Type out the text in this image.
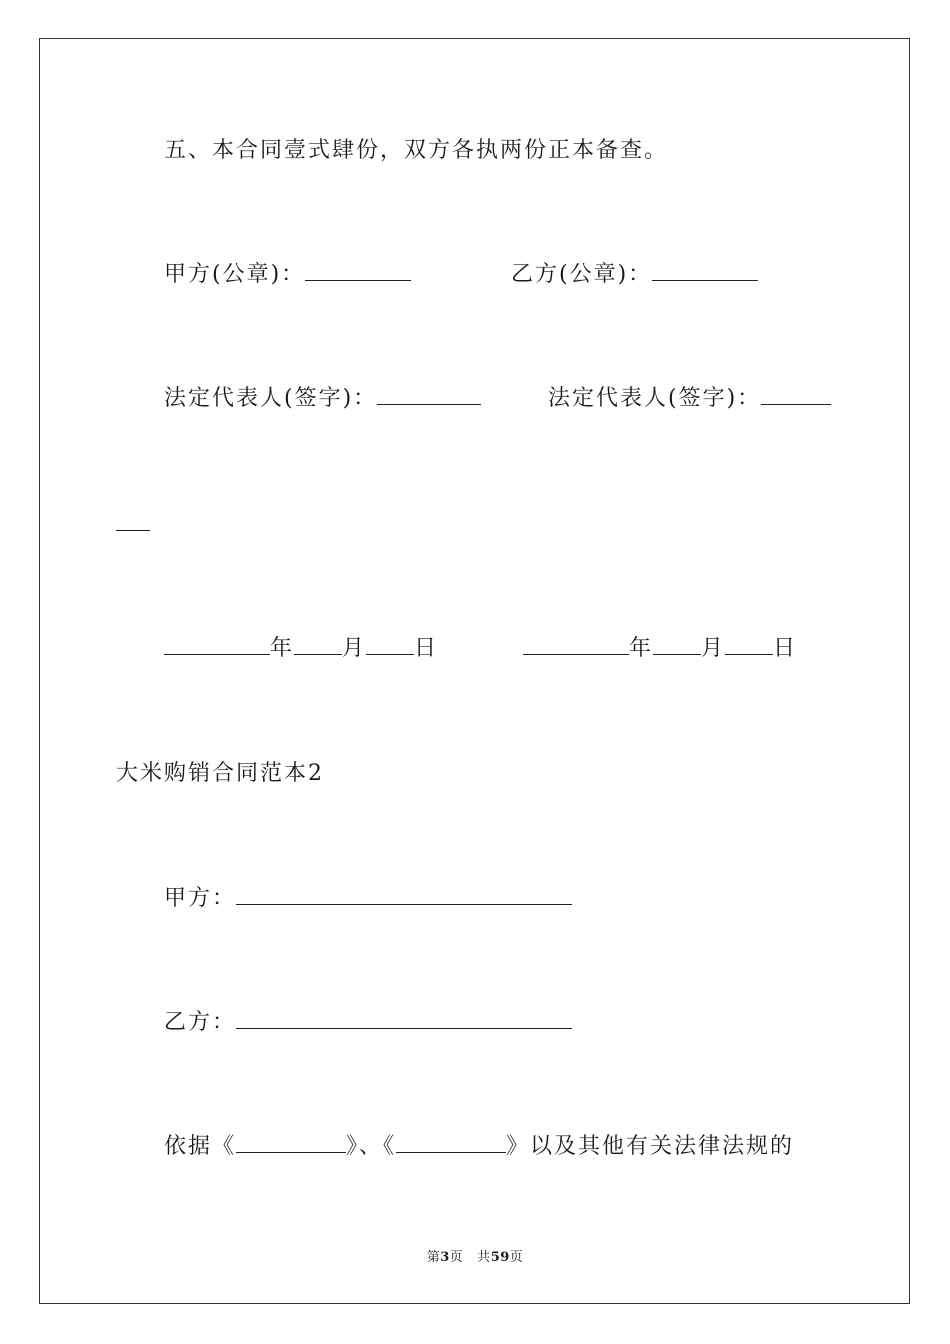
五、本合同壹式肆份，双方各执两份正本备查。
甲方(公章)：	乙方(公章)：
法定代表人(签字)：	法定代表人(签字)：
年 月 日	年 月 日
大米购销合同范本2
甲方：
乙方：
依据《	》、《	》以及其他有关法律法规的
第3页 共59页
